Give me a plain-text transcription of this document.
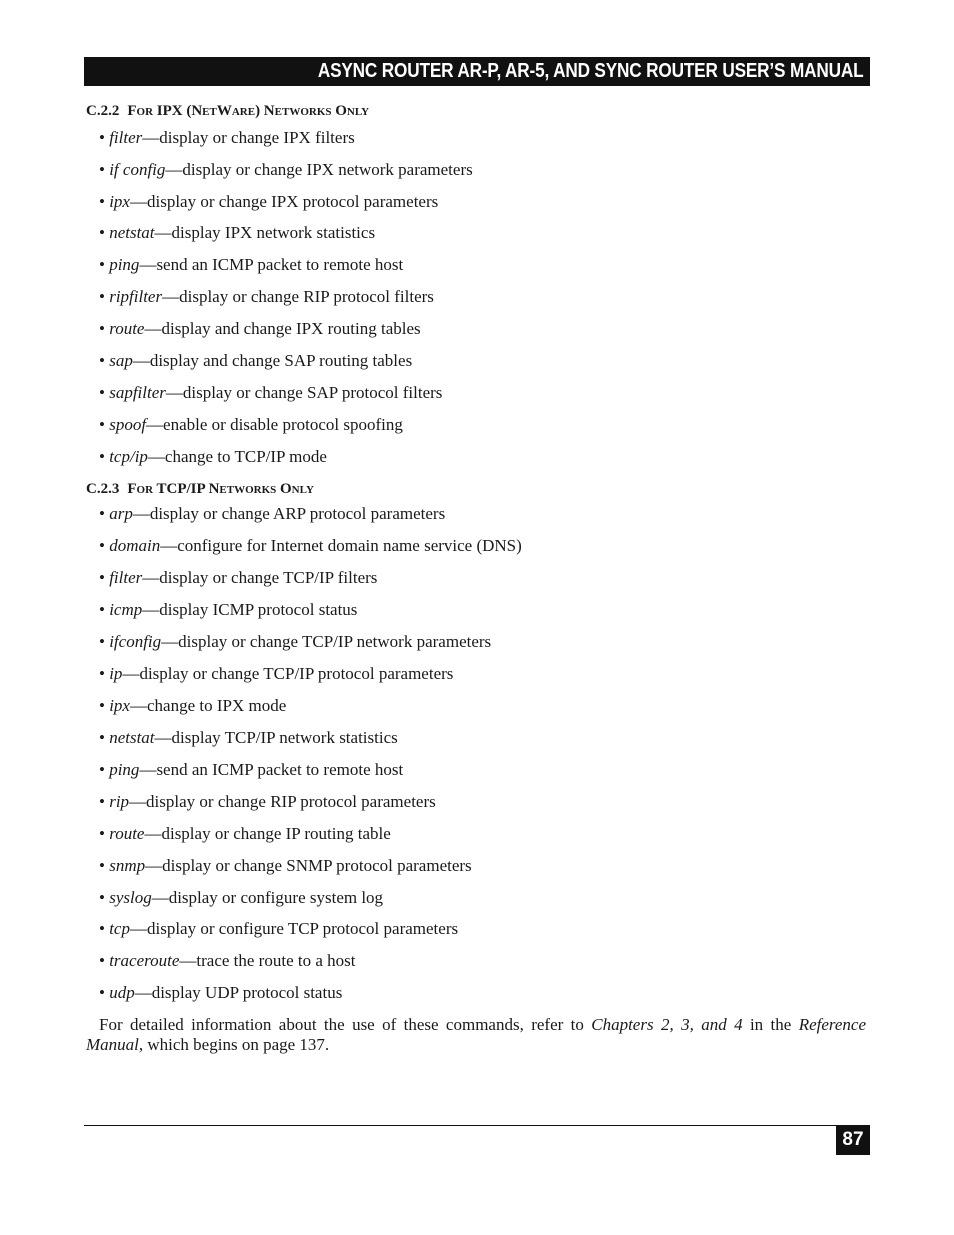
ASYNC ROUTER AR-P, AR-5, AND SYNC ROUTER USER’S MANUAL
C.2.2 For IPX (NetWare) Networks Only
• filter—display or change IPX filters
• if config—display or change IPX network parameters
• ipx—display or change IPX protocol parameters
• netstat—display IPX network statistics
• ping—send an ICMP packet to remote host
• ripfilter—display or change RIP protocol filters
• route—display and change IPX routing tables
• sap—display and change SAP routing tables
• sapfilter—display or change SAP protocol filters
• spoof—enable or disable protocol spoofing
• tcp/ip—change to TCP/IP mode
C.2.3 For TCP/IP Networks Only
• arp—display or change ARP protocol parameters
• domain—configure for Internet domain name service (DNS)
• filter—display or change TCP/IP filters
• icmp—display ICMP protocol status
• ifconfig—display or change TCP/IP network parameters
• ip—display or change TCP/IP protocol parameters
• ipx—change to IPX mode
• netstat—display TCP/IP network statistics
• ping—send an ICMP packet to remote host
• rip—display or change RIP protocol parameters
• route—display or change IP routing table
• snmp—display or change SNMP protocol parameters
• syslog—display or configure system log
• tcp—display or configure TCP protocol parameters
• traceroute—trace the route to a host
• udp—display UDP protocol status
For detailed information about the use of these commands, refer to Chapters 2, 3, and 4 in the Reference Manual, which begins on page 137.
87
